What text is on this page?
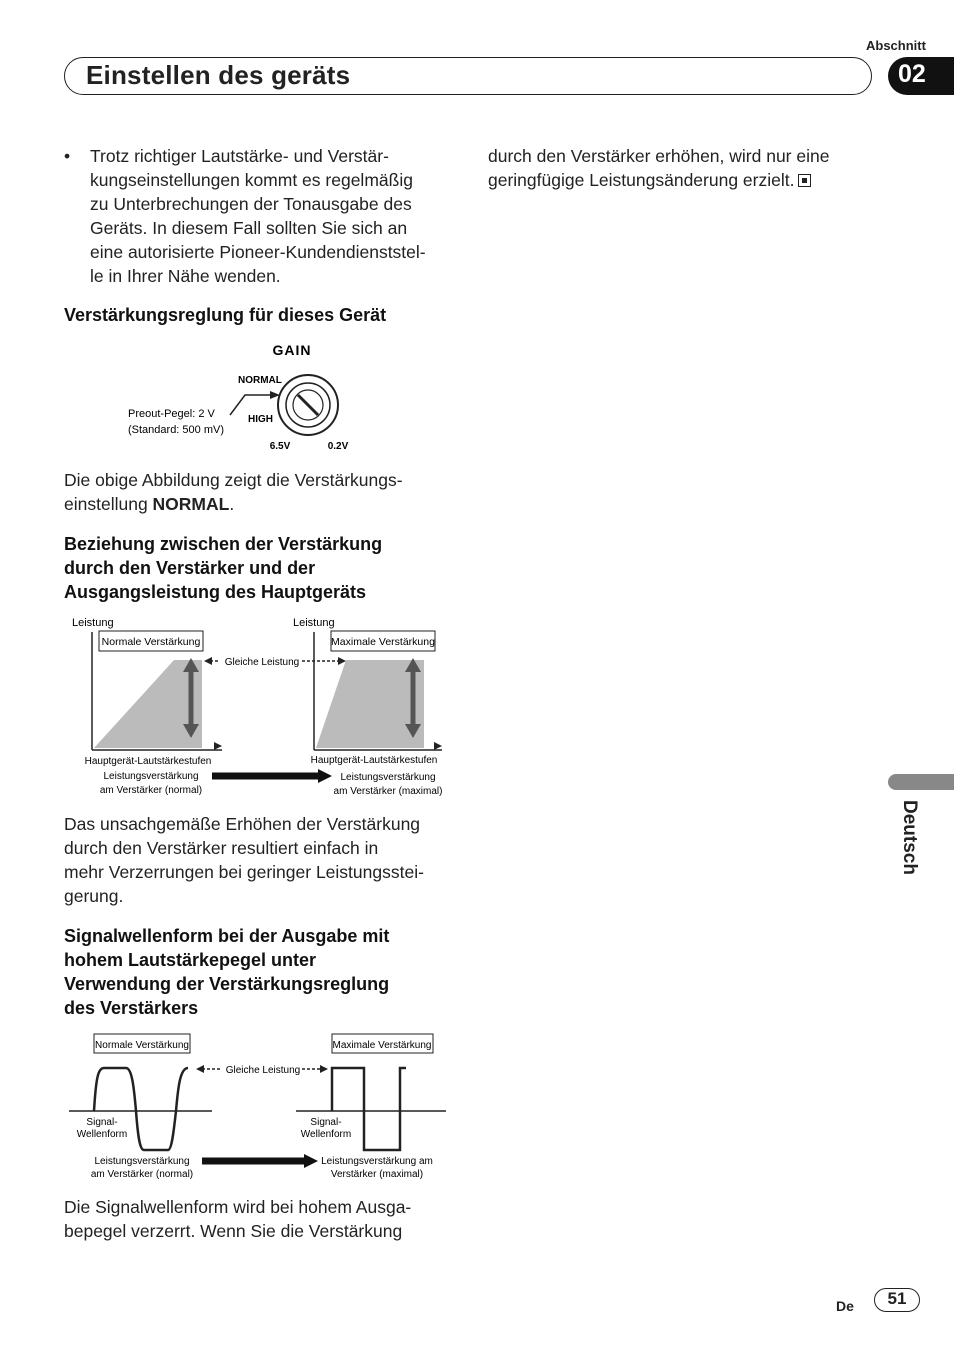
Abschnitt
Einstellen des geräts	02
Deutsch
• Trotz richtiger Lautstärke- und Verstär-
kungseinstellungen kommt es regelmäßig
zu Unterbrechungen der Tonausgabe des
Geräts. In diesem Fall sollten Sie sich an
eine autorisierte Pioneer-Kundendienststel-
le in Ihrer Nähe wenden.
Verstärkungsreglung für dieses Gerät
GAIN
NORMAL
HIGH
Preout-Pegel: 2 V
(Standard: 500 mV)
6.5V	0.2V
Die obige Abbildung zeigt die Verstärkungs-
einstellung NORMAL.
Beziehung zwischen der Verstärkung
durch den Verstärker und der
Ausgangsleistung des Hauptgeräts
Leistung	Leistung
Normale Verstärkung	Maximale Verstärkung
Gleiche Leistung
Hauptgerät-Lautstärkestufen	Hauptgerät-Lautstärkestufen
Leistungsverstärkung
am Verstärker (normal)
Leistungsverstärkung
am Verstärker (maximal)
Das unsachgemäße Erhöhen der Verstärkung
durch den Verstärker resultiert einfach in
mehr Verzerrungen bei geringer Leistungsstei-
gerung.
Signalwellenform bei der Ausgabe mit
hohem Lautstärkepegel unter
Verwendung der Verstärkungsreglung
des Verstärkers
Normale Verstärkung	Maximale Verstärkung
Gleiche Leistung
Signal-
Wellenform
Signal-
Wellenform
Leistungsverstärkung
am Verstärker (normal)
Leistungsverstärkung am
Verstärker (maximal)
Die Signalwellenform wird bei hohem Ausga-
bepegel verzerrt. Wenn Sie die Verstärkung
durch den Verstärker erhöhen, wird nur eine
geringfügige Leistungsänderung erzielt.
De	51
